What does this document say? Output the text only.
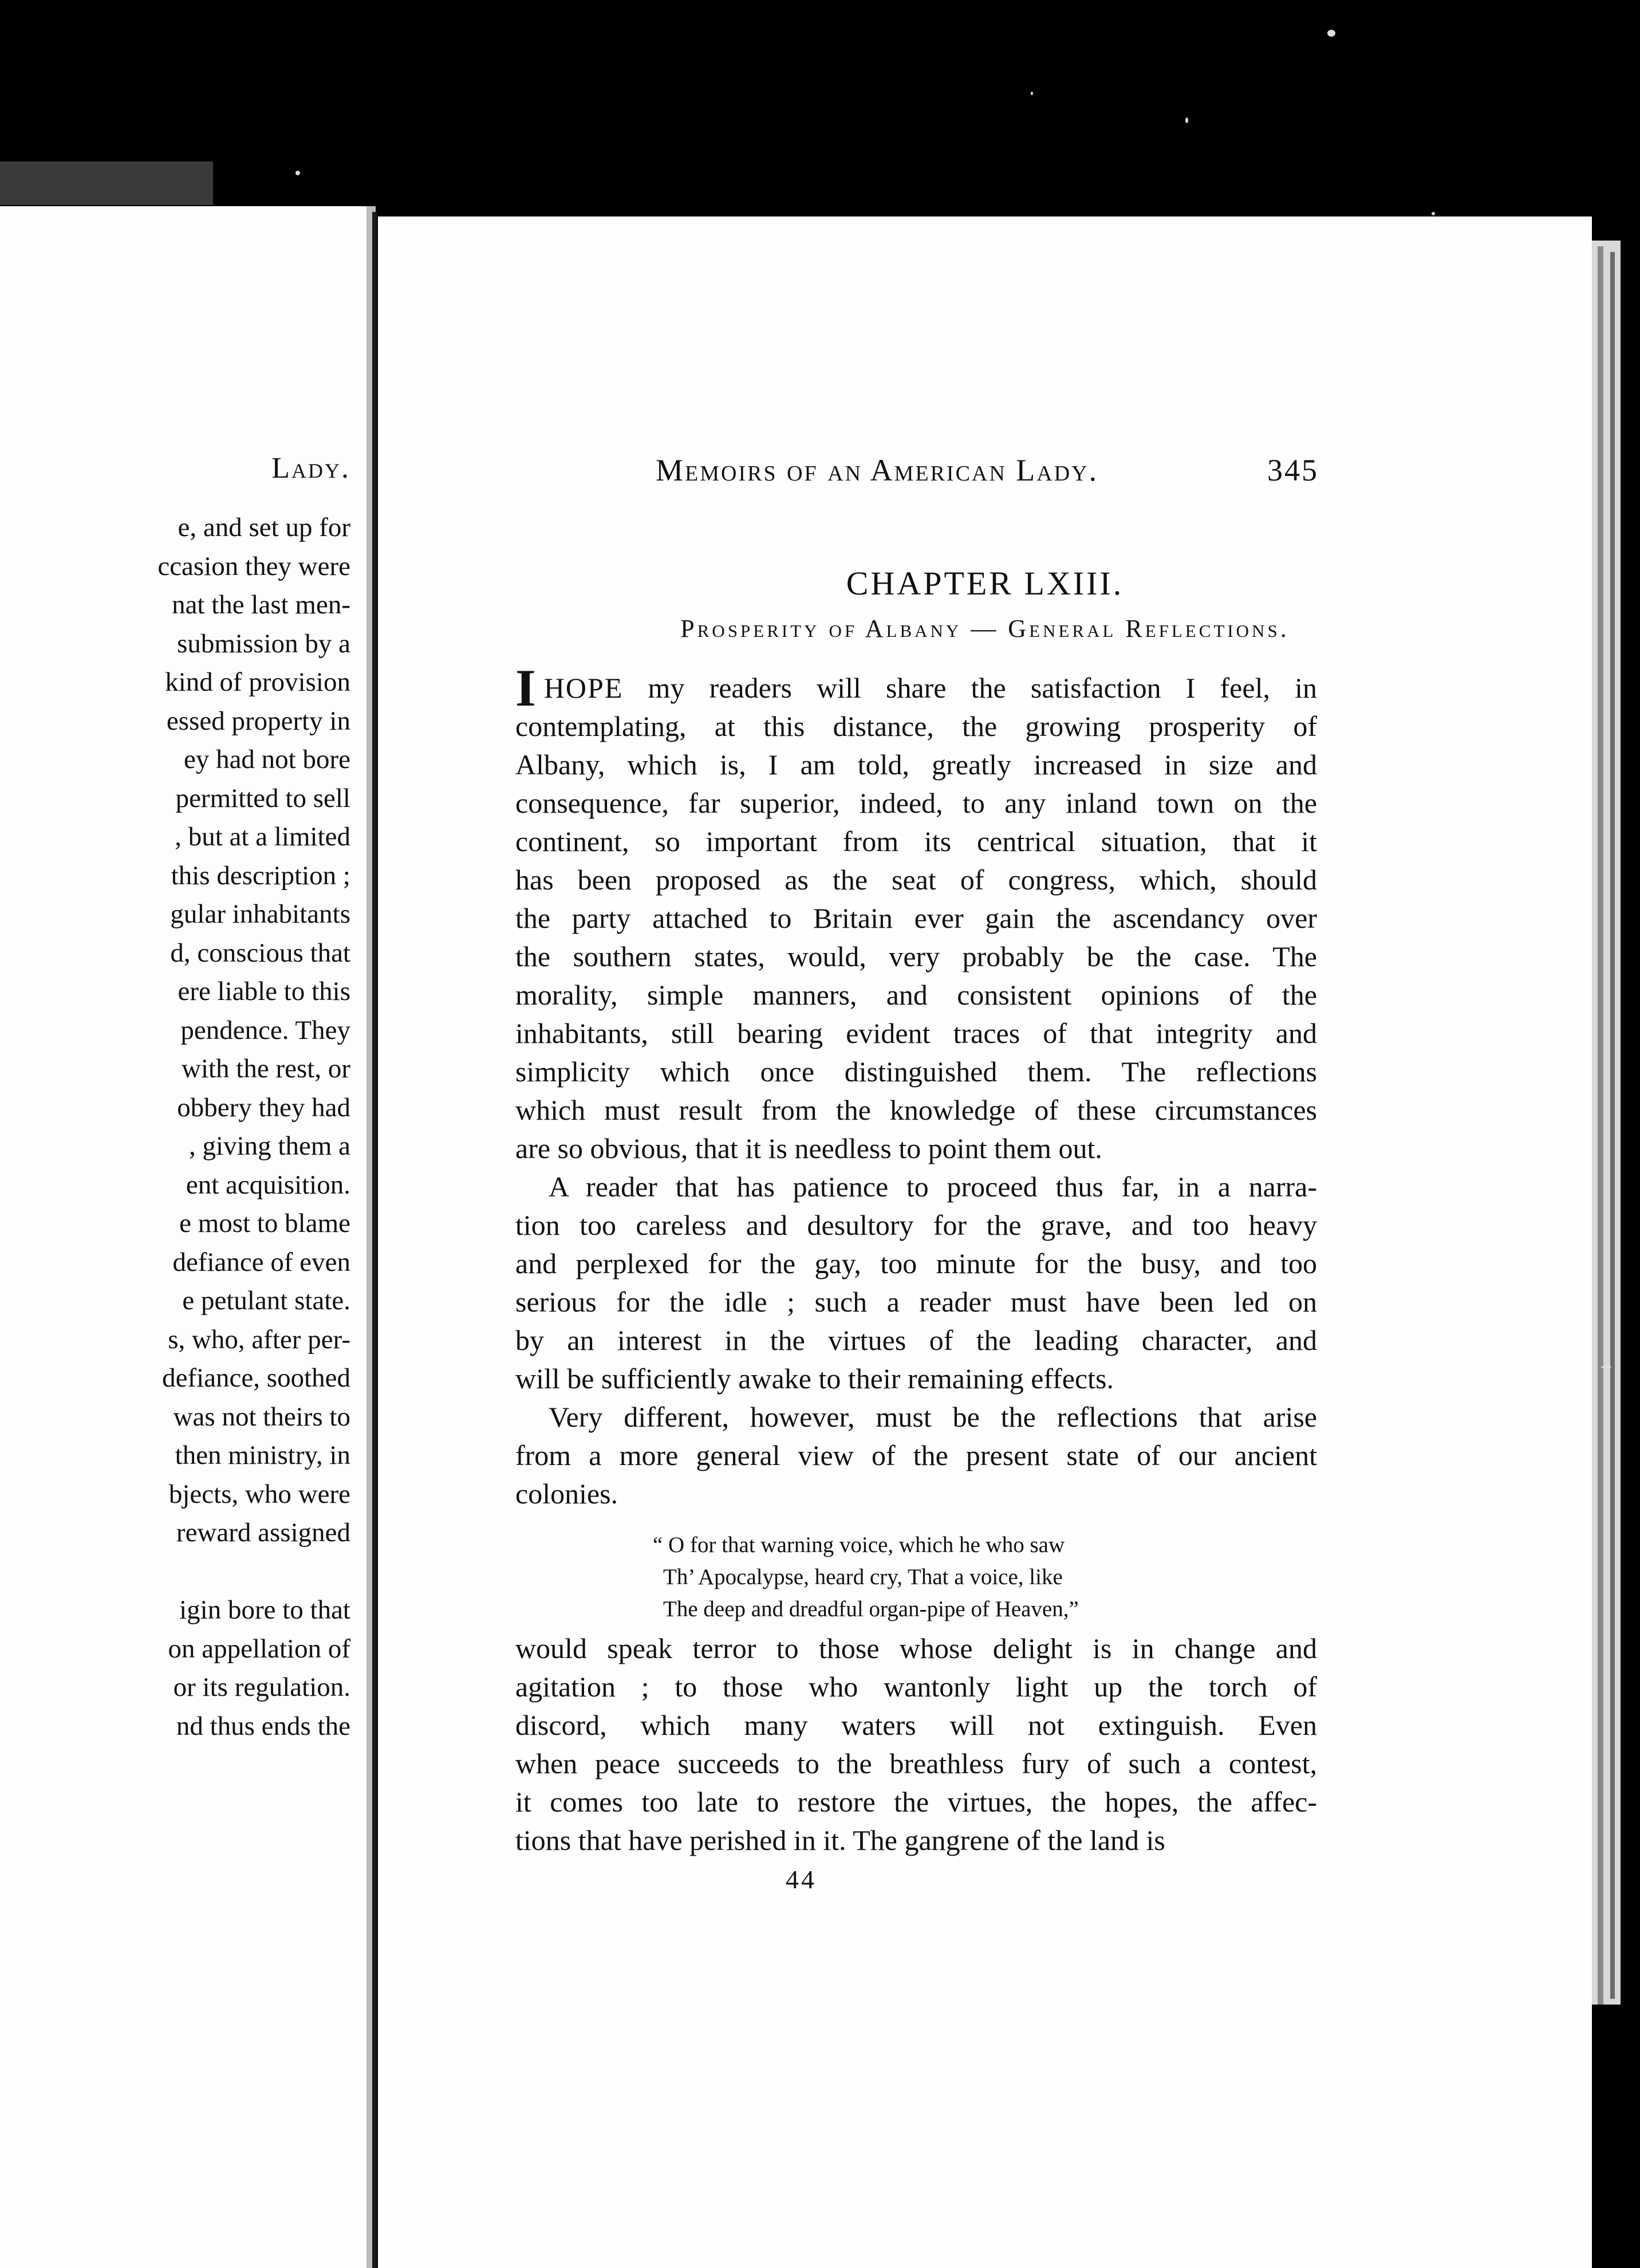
Lady.
e, and set up for
ccasion they were
nat the last men-
submission by a
kind of provision
essed property in
ey had not bore
permitted to sell
, but at a limited
this description ;
gular inhabitants
d, conscious that
ere liable to this
pendence. They
with the rest, or
obbery they had
, giving them a
ent acquisition.
e most to blame
defiance of even
e petulant state.
s, who, after per-
defiance, soothed
was not theirs to
then ministry, in
bjects, who were
reward assigned
igin bore to that
on appellation of
or its regulation.
nd thus ends the
Memoirs of an American Lady.	345
CHAPTER LXIII.
Prosperity of Albany — General Reflections.
IHOPE my readers will share the satisfaction I feel, in
contemplating, at this distance, the growing prosperity of
Albany, which is, I am told, greatly increased in size and
consequence, far superior, indeed, to any inland town on the
continent, so important from its centrical situation, that it
has been proposed as the seat of congress, which, should
the party attached to Britain ever gain the ascendancy over
the southern states, would, very probably be the case. The
morality, simple manners, and consistent opinions of the
inhabitants, still bearing evident traces of that integrity and
simplicity which once distinguished them. The reflections
which must result from the knowledge of these circumstances
are so obvious, that it is needless to point them out.
A reader that has patience to proceed thus far, in a narra-
tion too careless and desultory for the grave, and too heavy
and perplexed for the gay, too minute for the busy, and too
serious for the idle ; such a reader must have been led on
by an interest in the virtues of the leading character, and
will be sufficiently awake to their remaining effects.
Very different, however, must be the reflections that arise
from a more general view of the present state of our ancient
colonies.
“ O for that warning voice, which he who saw
Th’ Apocalypse, heard cry, That a voice, like
The deep and dreadful organ-pipe of Heaven,”
would speak terror to those whose delight is in change and
agitation ; to those who wantonly light up the torch of
discord, which many waters will not extinguish. Even
when peace succeeds to the breathless fury of such a contest,
it comes too late to restore the virtues, the hopes, the affec-
tions that have perished in it. The gangrene of the land is
44
